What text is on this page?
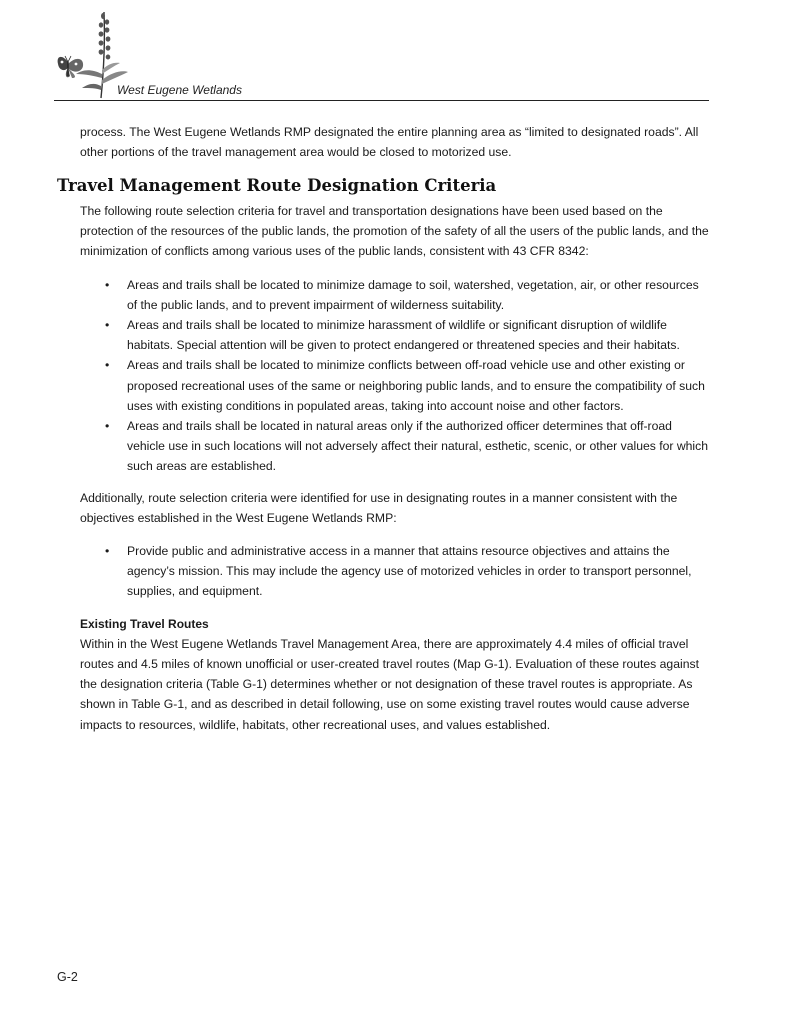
West Eugene Wetlands

process. The West Eugene Wetlands RMP designated the entire planning area as “limited to designated roads”. All other portions of the travel management area would be closed to motorized use.

Travel Management Route Designation Criteria

The following route selection criteria for travel and transportation designations have been used based on the protection of the resources of the public lands, the promotion of the safety of all the users of the public lands, and the minimization of conflicts among various uses of the public lands, consistent with 43 CFR 8342:

• Areas and trails shall be located to minimize damage to soil, watershed, vegetation, air, or other resources of the public lands, and to prevent impairment of wilderness suitability.
• Areas and trails shall be located to minimize harassment of wildlife or significant disruption of wildlife habitats. Special attention will be given to protect endangered or threatened species and their habitats.
• Areas and trails shall be located to minimize conflicts between off-road vehicle use and other existing or proposed recreational uses of the same or neighboring public lands, and to ensure the compatibility of such uses with existing conditions in populated areas, taking into account noise and other factors.
• Areas and trails shall be located in natural areas only if the authorized officer determines that off-road vehicle use in such locations will not adversely affect their natural, esthetic, scenic, or other values for which such areas are established.

Additionally, route selection criteria were identified for use in designating routes in a manner consistent with the objectives established in the West Eugene Wetlands RMP:

• Provide public and administrative access in a manner that attains resource objectives and attains the agency’s mission. This may include the agency use of motorized vehicles in order to transport personnel, supplies, and equipment.

Existing Travel Routes

Within in the West Eugene Wetlands Travel Management Area, there are approximately 4.4 miles of official travel routes and 4.5 miles of known unofficial or user-created travel routes (Map G-1). Evaluation of these routes against the designation criteria (Table G-1) determines whether or not designation of these travel routes is appropriate. As shown in Table G-1, and as described in detail following, use on some existing travel routes would cause adverse impacts to resources, wildlife, habitats, other recreational uses, and values established.

G-2
